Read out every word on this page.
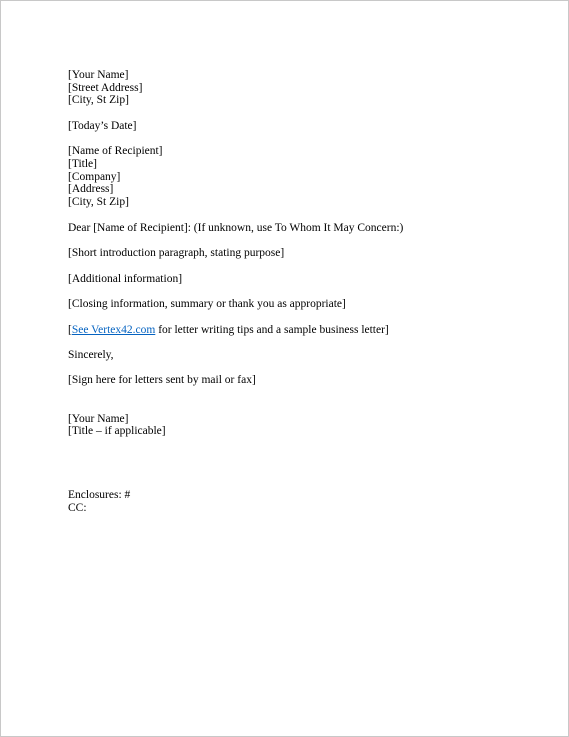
[Your Name]
[Street Address]
[City, St Zip]
[Today’s Date]
[Name of Recipient]
[Title]
[Company]
[Address]
[City, St Zip]
Dear [Name of Recipient]: (If unknown, use To Whom It May Concern:)
[Short introduction paragraph, stating purpose]
[Additional information]
[Closing information, summary or thank you as appropriate]
[See Vertex42.com for letter writing tips and a sample business letter]
Sincerely,
[Sign here for letters sent by mail or fax]
[Your Name]
[Title – if applicable]
Enclosures: #
CC:
